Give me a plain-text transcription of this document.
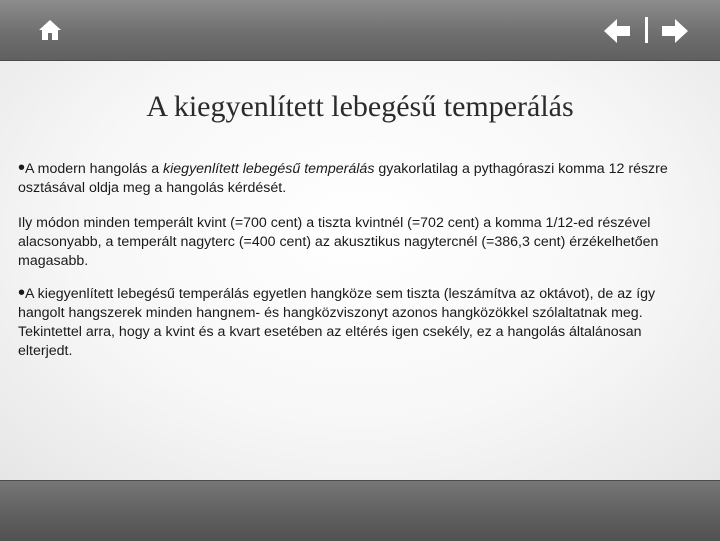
A kiegyenlített lebegésű temperálás

•A modern hangolás a kiegyenlített lebegésű temperálás gyakorlatilag a pythagóraszi komma 12 részre osztásával oldja meg a hangolás kérdését.

Ily módon minden temperált kvint (=700 cent) a tiszta kvintnél (=702 cent) a komma 1/12-ed részével alacsonyabb, a temperált nagyterc (=400 cent) az akusztikus nagytercnél (=386,3 cent) érzékelhetően magasabb.

•A kiegyenlített lebegésű temperálás egyetlen hangköze sem tiszta (leszámítva az oktávot), de az így hangolt hangszerek minden hangnem- és hangközviszonyt azonos hangközökkel szólaltatnak meg. Tekintettel arra, hogy a kvint és a kvart esetében az eltérés igen csekély, ez a hangolás általánosan elterjedt.
